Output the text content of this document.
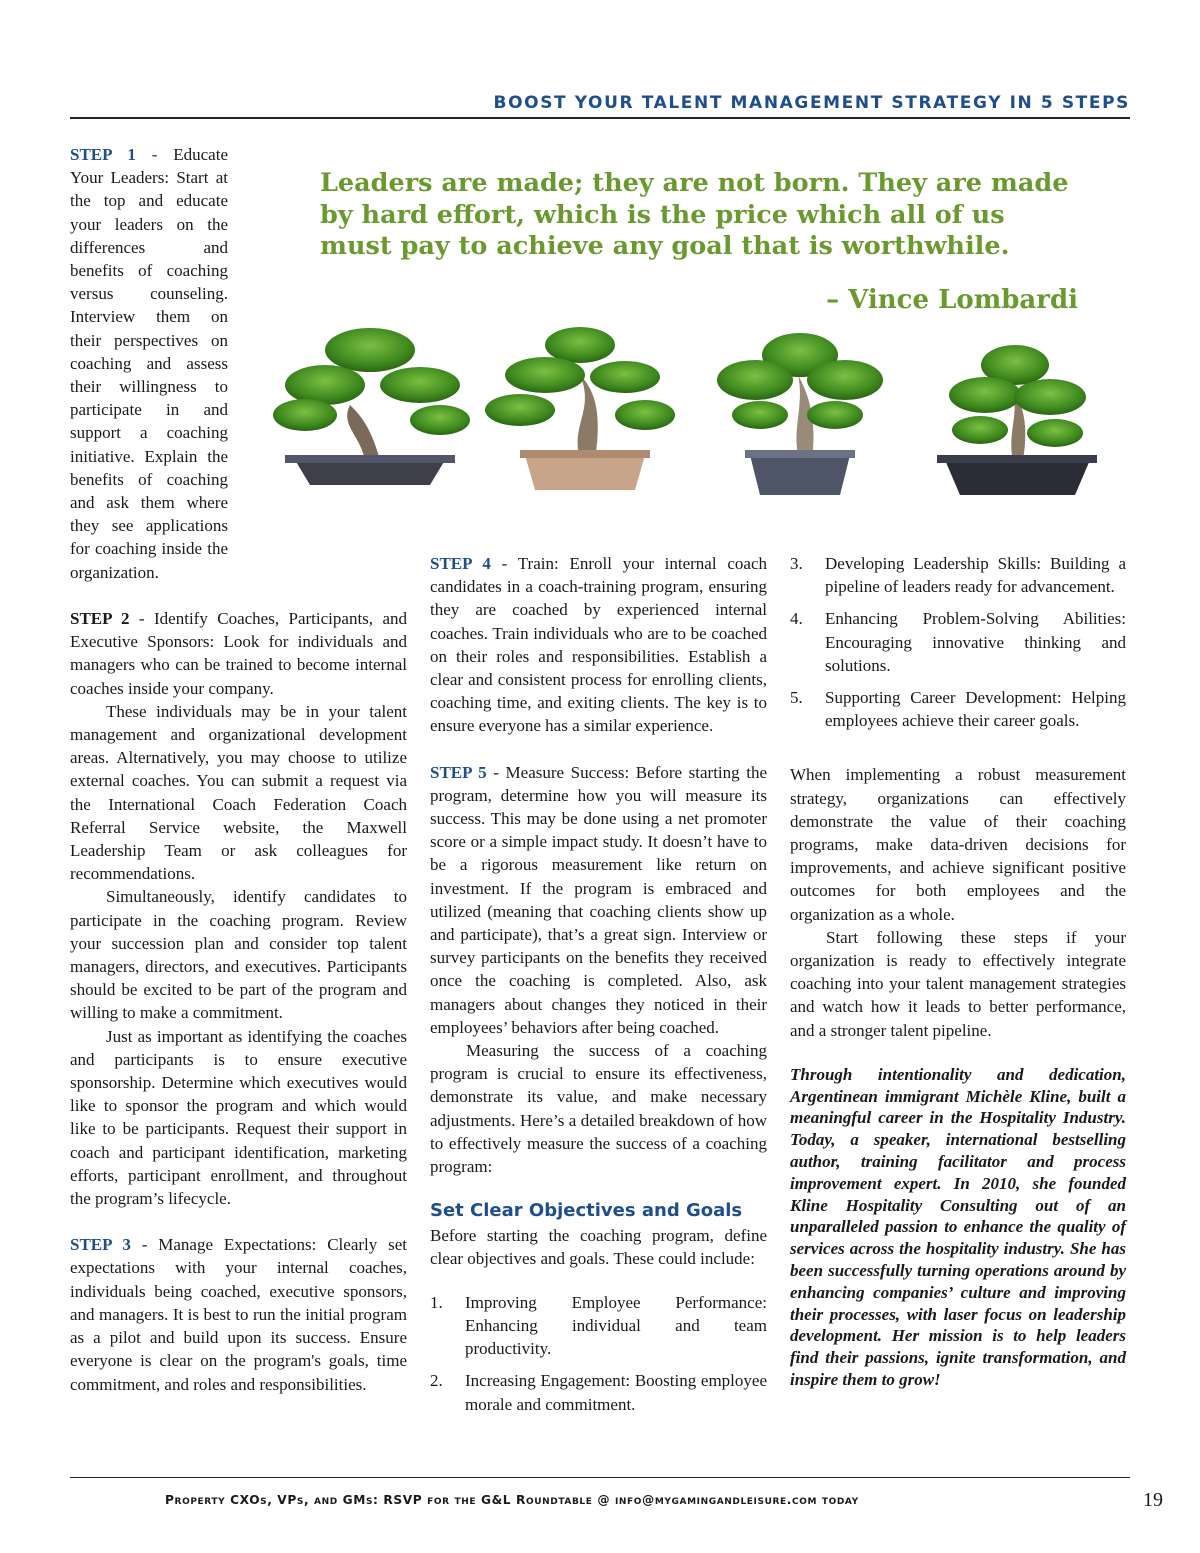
BOOST YOUR TALENT MANAGEMENT STRATEGY IN 5 STEPS
Leaders are made; they are not born. They are made by hard effort, which is the price which all of us must pay to achieve any goal that is worthwhile.
– Vince Lombardi

STEP 1 - Educate Your Leaders: Start at the top and educate your leaders on the differences and benefits of coaching versus counseling. Interview them on their perspectives on coaching and assess their willingness to participate in and support a coaching initiative. Explain the benefits of coaching and ask them where they see applications for coaching inside the organization.

STEP 2 - Identify Coaches, Participants, and Executive Sponsors: Look for individuals and managers who can be trained to become internal coaches inside your company.

These individuals may be in your talent management and organizational development areas. Alternatively, you may choose to utilize external coaches. You can submit a request via the International Coach Federation Coach Referral Service website, the Maxwell Leadership Team or ask colleagues for recommendations.

Simultaneously, identify candidates to participate in the coaching program. Review your succession plan and consider top talent managers, directors, and executives. Participants should be excited to be part of the program and willing to make a commitment.

Just as important as identifying the coaches and participants is to ensure executive sponsorship. Determine which executives would like to sponsor the program and which would like to be participants. Request their support in coach and participant identification, marketing efforts, participant enrollment, and throughout the program’s lifecycle.

STEP 3 - Manage Expectations: Clearly set expectations with your internal coaches, individuals being coached, executive sponsors, and managers. It is best to run the initial program as a pilot and build upon its success. Ensure everyone is clear on the program's goals, time commitment, and roles and responsibilities.

STEP 4 - Train: Enroll your internal coach candidates in a coach-training program, ensuring they are coached by experienced internal coaches. Train individuals who are to be coached on their roles and responsibilities. Establish a clear and consistent process for enrolling clients, coaching time, and exiting clients. The key is to ensure everyone has a similar experience.

STEP 5 - Measure Success: Before starting the program, determine how you will measure its success. This may be done using a net promoter score or a simple impact study. It doesn’t have to be a rigorous measurement like return on investment. If the program is embraced and utilized (meaning that coaching clients show up and participate), that’s a great sign. Interview or survey participants on the benefits they received once the coaching is completed. Also, ask managers about changes they noticed in their employees’ behaviors after being coached.

Measuring the success of a coaching program is crucial to ensure its effectiveness, demonstrate its value, and make necessary adjustments. Here’s a detailed breakdown of how to effectively measure the success of a coaching program:

Set Clear Objectives and Goals

Before starting the coaching program, define clear objectives and goals. These could include:

1.	Improving Employee Performance: Enhancing individual and team productivity.
2.	Increasing Engagement: Boosting employee morale and commitment.
3.	Developing Leadership Skills: Building a pipeline of leaders ready for advancement.
4.	Enhancing Problem-Solving Abilities: Encouraging innovative thinking and solutions.
5.	Supporting Career Development: Helping employees achieve their career goals.

When implementing a robust measurement strategy, organizations can effectively demonstrate the value of their coaching programs, make data-driven decisions for improvements, and achieve significant positive outcomes for both employees and the organization as a whole.

Start following these steps if your organization is ready to effectively integrate coaching into your talent management strategies and watch how it leads to better performance, and a stronger talent pipeline.

Through intentionality and dedication, Argentinean immigrant Michèle Kline, built a meaningful career in the Hospitality Industry. Today, a speaker, international bestselling author, training facilitator and process improvement expert. In 2010, she founded Kline Hospitality Consulting out of an unparalleled passion to enhance the quality of services across the hospitality industry. She has been successfully turning operations around by enhancing companies’ culture and improving their processes, with laser focus on leadership development. Her mission is to help leaders find their passions, ignite transformation, and inspire them to grow!

Property CXOs, VPs, and GMs: RSVP for the G&L Roundtable @ info@mygamingandleisure.com today	19
